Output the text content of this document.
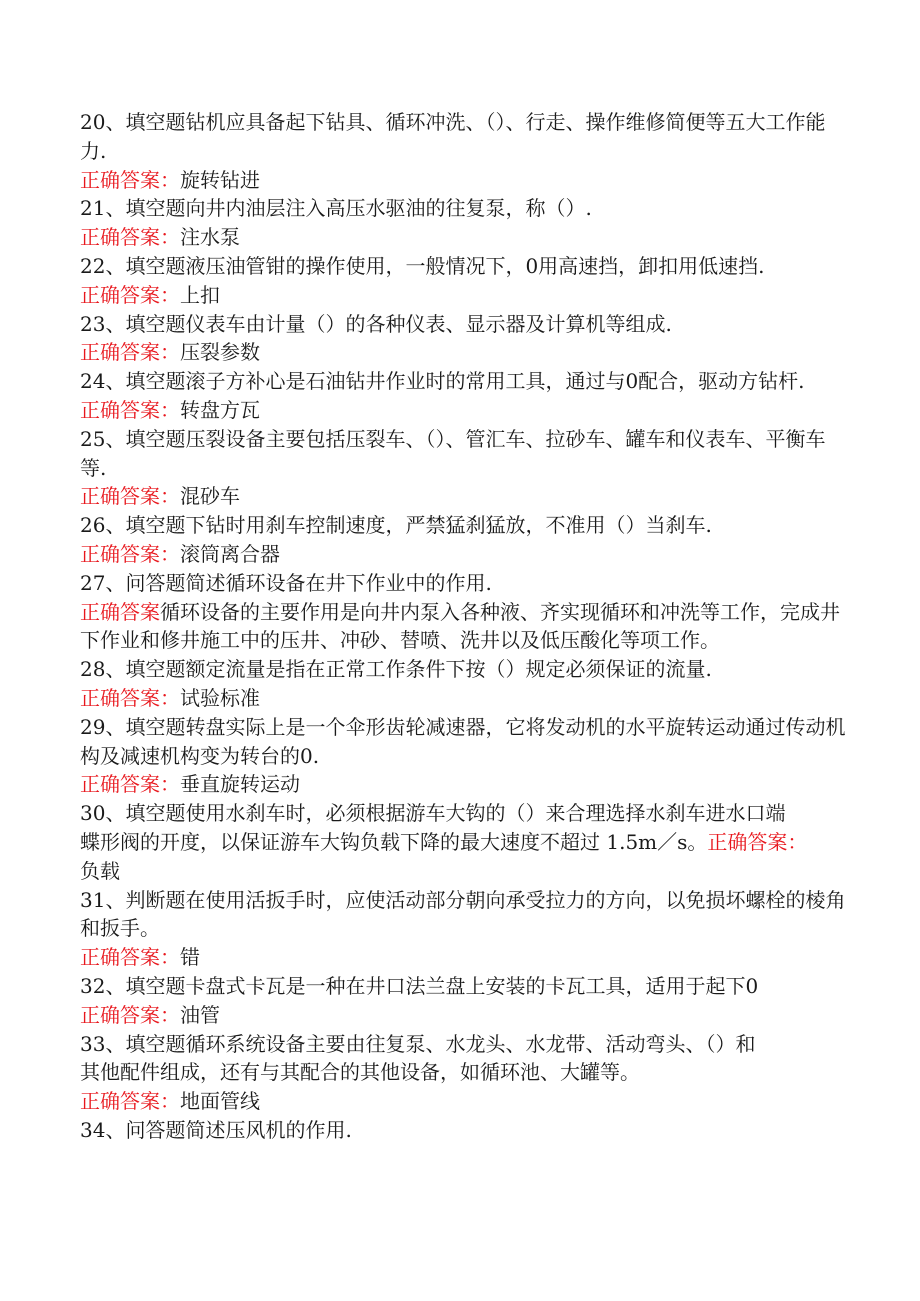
20、填空题钻机应具备起下钻具、循环冲洗、（）、行走、操作维修简便等五大工作能力.

正确答案：旋转钻进

21、填空题向井内油层注入高压水驱油的往复泵，称（）.

正确答案：注水泵

22、填空题液压油管钳的操作使用，一般情况下，0用高速挡，卸扣用低速挡.

正确答案：上扣

23、填空题仪表车由计量（）的各种仪表、显示器及计算机等组成.

正确答案：压裂参数

24、填空题滚子方补心是石油钻井作业时的常用工具，通过与0配合，驱动方钻杆.

正确答案：转盘方瓦

25、填空题压裂设备主要包括压裂车、（）、管汇车、拉砂车、罐车和仪表车、平衡车等.

正确答案：混砂车

26、填空题下钻时用刹车控制速度，严禁猛刹猛放，不准用（）当刹车.

正确答案：滚筒离合器

27、问答题简述循环设备在井下作业中的作用.

正确答案循环设备的主要作用是向井内泵入各种液、齐实现循环和冲洗等工作，完成井下作业和修井施工中的压井、冲砂、替喷、洗井以及低压酸化等项工作。

28、填空题额定流量是指在正常工作条件下按（）规定必须保证的流量.

正确答案：试验标准

29、填空题转盘实际上是一个伞形齿轮减速器，它将发动机的水平旋转运动通过传动机构及减速机构变为转台的0.

正确答案：垂直旋转运动

30、填空题使用水刹车时，必须根据游车大钩的（）来合理选择水刹车进水口端
蝶形阀的开度，以保证游车大钩负载下降的最大速度不超过 1.5m／s。正确答案：
负载

31、判断题在使用活扳手时，应使活动部分朝向承受拉力的方向，以免损坏螺栓的棱角和扳手。

正确答案：错

32、填空题卡盘式卡瓦是一种在井口法兰盘上安装的卡瓦工具，适用于起下0

正确答案：油管

33、填空题循环系统设备主要由往复泵、水龙头、水龙带、活动弯头、（）和
其他配件组成，还有与其配合的其他设备，如循环池、大罐等。

正确答案：地面管线

34、问答题简述压风机的作用.
